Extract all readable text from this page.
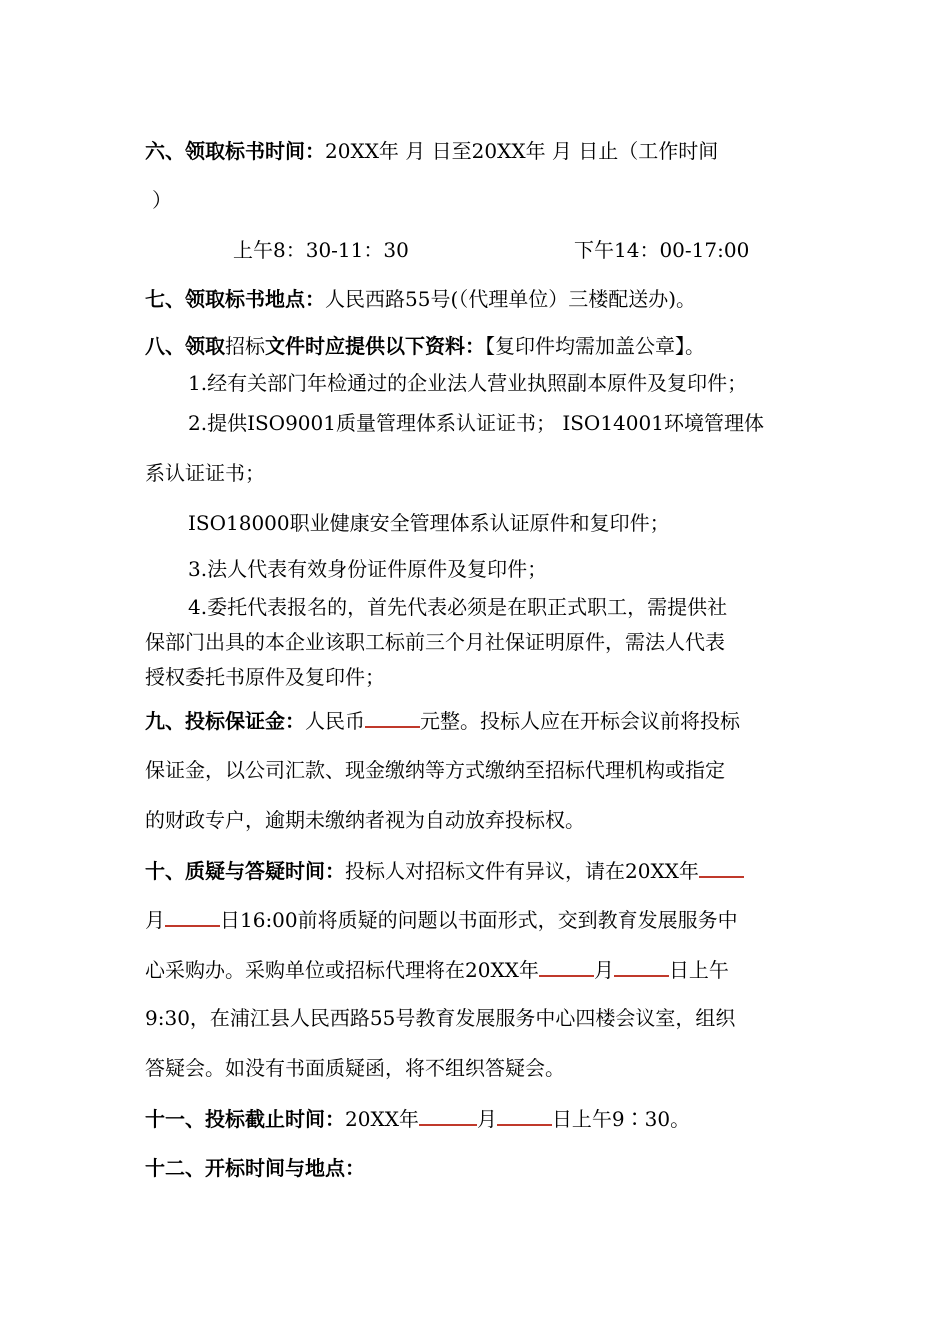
六、领取标书时间：20XX年 月 日至20XX年 月 日止（工作时间
）
上午8：30-11：30	下午14：00-17:00
七、领取标书地点：人民西路55号(（代理单位）三楼配送办)。
八、领取招标文件时应提供以下资料：【复印件均需加盖公章】。
1.经有关部门年检通过的企业法人营业执照副本原件及复印件；
2.提供ISO9001质量管理体系认证证书； ISO14001环境管理体
系认证证书；
ISO18000职业健康安全管理体系认证原件和复印件；
3.法人代表有效身份证件原件及复印件；
4.委托代表报名的，首先代表必须是在职正式职工，需提供社
保部门出具的本企业该职工标前三个月社保证明原件，需法人代表
授权委托书原件及复印件；
九、投标保证金：人民币	元整。投标人应在开标会议前将投标
保证金，以公司汇款、现金缴纳等方式缴纳至招标代理机构或指定
的财政专户，逾期未缴纳者视为自动放弃投标权。
十、质疑与答疑时间：投标人对招标文件有异议，请在20XX年
月	日16:00前将质疑的问题以书面形式，交到教育发展服务中
心采购办。采购单位或招标代理将在20XX年	月	日上午
9:30，在浦江县人民西路55号教育发展服务中心四楼会议室，组织
答疑会。如没有书面质疑函，将不组织答疑会。
十一、投标截止时间：20XX年	月	日上午9∶30。
十二、开标时间与地点：
